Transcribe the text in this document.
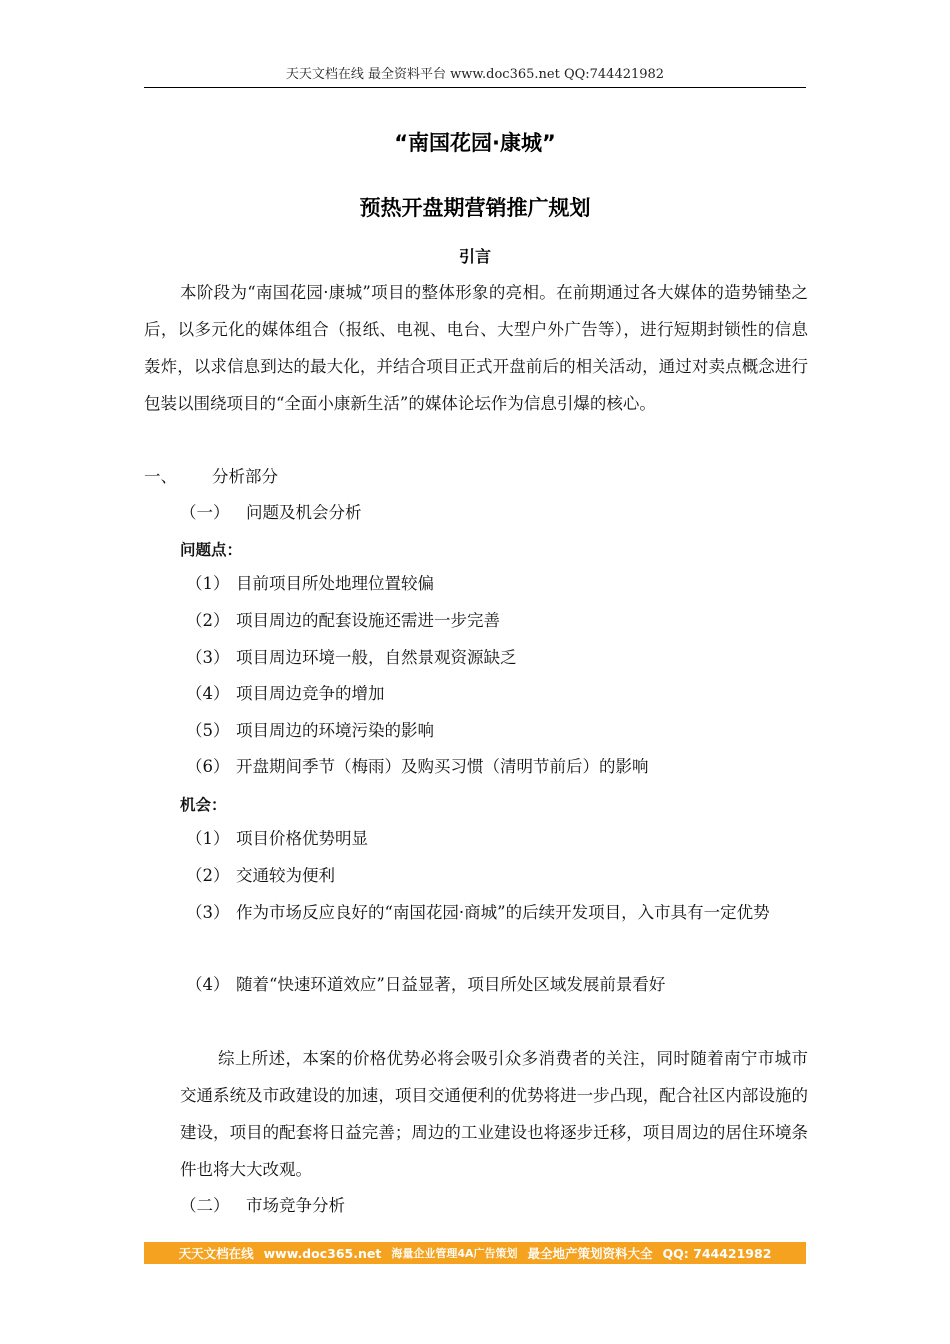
天天文档在线 最全资料平台 www.doc365.net QQ:744421982
“南国花园·康城”
预热开盘期营销推广规划
引言

本阶段为“南国花园·康城”项目的整体形象的亮相。在前期通过各大媒体的造势铺垫之后，以多元化的媒体组合（报纸、电视、电台、大型户外广告等），进行短期封锁性的信息轰炸，以求信息到达的最大化，并结合项目正式开盘前后的相关活动，通过对卖点概念进行包装以围绕项目的“全面小康新生活”的媒体论坛作为信息引爆的核心。

一、 分析部分
（一） 问题及机会分析
问题点：
（1） 目前项目所处地理位置较偏
（2） 项目周边的配套设施还需进一步完善
（3） 项目周边环境一般，自然景观资源缺乏
（4） 项目周边竞争的增加
（5） 项目周边的环境污染的影响
（6） 开盘期间季节（梅雨）及购买习惯（清明节前后）的影响
机会：
（1） 项目价格优势明显
（2） 交通较为便利
（3） 作为市场反应良好的“南国花园·商城”的后续开发项目，入市具有一定优势
（4） 随着“快速环道效应”日益显著，项目所处区域发展前景看好

综上所述，本案的价格优势必将会吸引众多消费者的关注，同时随着南宁市城市交通系统及市政建设的加速，项目交通便利的优势将进一步凸现，配合社区内部设施的建设，项目的配套将日益完善；周边的工业建设也将逐步迁移，项目周边的居住环境条件也将大大改观。

（二） 市场竞争分析
天天文档在线 www.doc365.net 海量企业管理4A广告策划 最全地产策划资料大全 QQ: 744421982
